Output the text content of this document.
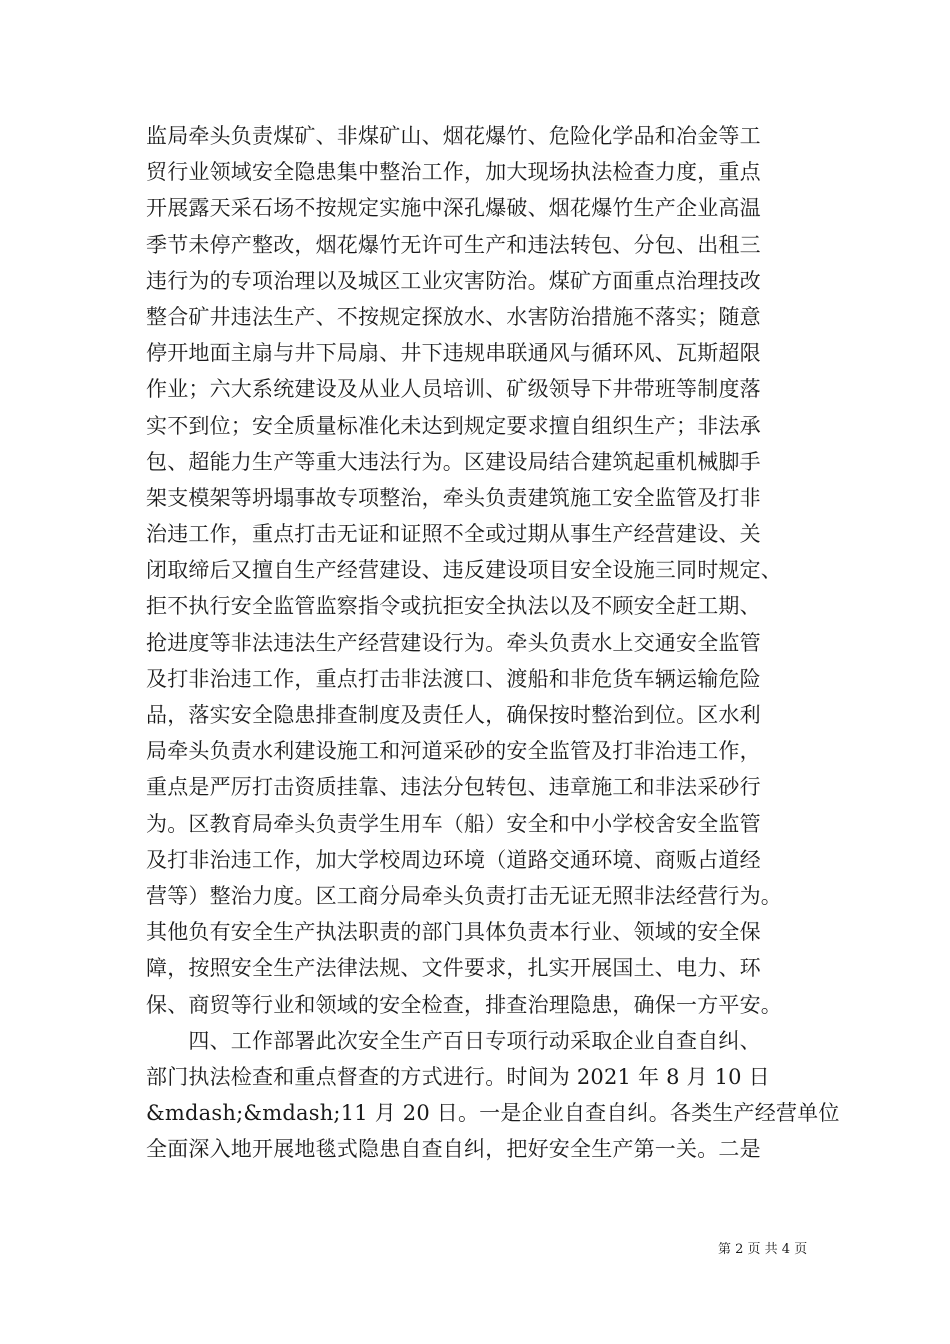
监局牵头负责煤矿、非煤矿山、烟花爆竹、危险化学品和冶金等工
贸行业领域安全隐患集中整治工作，加大现场执法检查力度，重点
开展露天采石场不按规定实施中深孔爆破、烟花爆竹生产企业高温
季节未停产整改，烟花爆竹无许可生产和违法转包、分包、出租三
违行为的专项治理以及城区工业灾害防治。煤矿方面重点治理技改
整合矿井违法生产、不按规定探放水、水害防治措施不落实；随意
停开地面主扇与井下局扇、井下违规串联通风与循环风、瓦斯超限
作业；六大系统建设及从业人员培训、矿级领导下井带班等制度落
实不到位；安全质量标准化未达到规定要求擅自组织生产；非法承
包、超能力生产等重大违法行为。区建设局结合建筑起重机械脚手
架支模架等坍塌事故专项整治，牵头负责建筑施工安全监管及打非
治违工作，重点打击无证和证照不全或过期从事生产经营建设、关
闭取缔后又擅自生产经营建设、违反建设项目安全设施三同时规定、
拒不执行安全监管监察指令或抗拒安全执法以及不顾安全赶工期、
抢进度等非法违法生产经营建设行为。牵头负责水上交通安全监管
及打非治违工作，重点打击非法渡口、渡船和非危货车辆运输危险
品，落实安全隐患排查制度及责任人，确保按时整治到位。区水利
局牵头负责水利建设施工和河道采砂的安全监管及打非治违工作，
重点是严厉打击资质挂靠、违法分包转包、违章施工和非法采砂行
为。区教育局牵头负责学生用车（船）安全和中小学校舍安全监管
及打非治违工作，加大学校周边环境（道路交通环境、商贩占道经
营等）整治力度。区工商分局牵头负责打击无证无照非法经营行为。
其他负有安全生产执法职责的部门具体负责本行业、领域的安全保
障，按照安全生产法律法规、文件要求，扎实开展国土、电力、环
保、商贸等行业和领域的安全检查，排查治理隐患，确保一方平安。
　　四、工作部署此次安全生产百日专项行动采取企业自查自纠、
部门执法检查和重点督查的方式进行。时间为 2021 年 8 月 10 日
&mdash;&mdash;11 月 20 日。一是企业自查自纠。各类生产经营单位
全面深入地开展地毯式隐患自查自纠，把好安全生产第一关。二是
第 2 页 共 4 页
